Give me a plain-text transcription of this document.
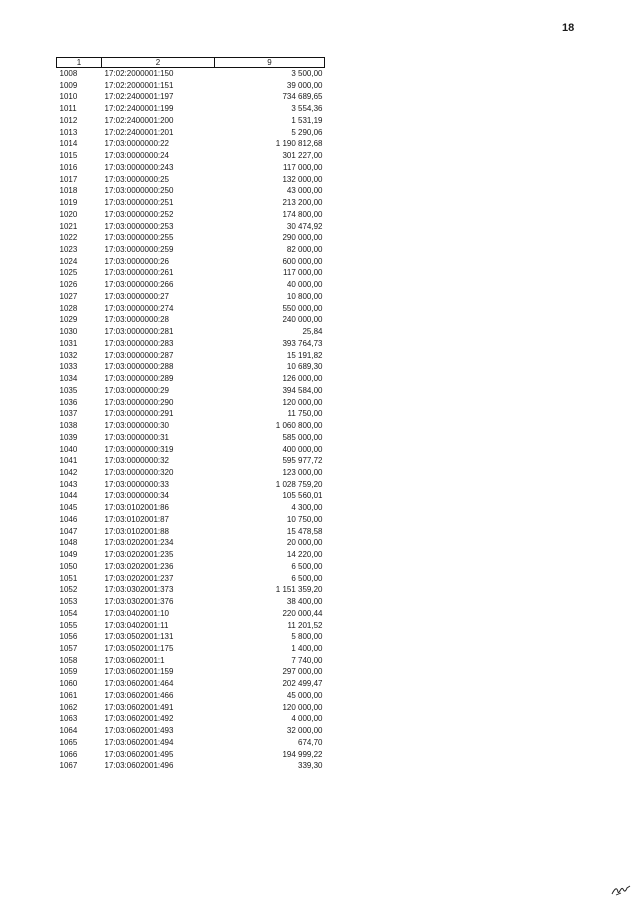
18
1	2	9
1008	17:02:2000001:150	3 500,00
1009	17:02:2000001:151	39 000,00
1010	17:02:2400001:197	734 689,65
1011	17:02:2400001:199	3 554,36
1012	17:02:2400001:200	1 531,19
1013	17:02:2400001:201	5 290,06
1014	17:03:0000000:22	1 190 812,68
1015	17:03:0000000:24	301 227,00
1016	17:03:0000000:243	117 000,00
1017	17:03:0000000:25	132 000,00
1018	17:03:0000000:250	43 000,00
1019	17:03:0000000:251	213 200,00
1020	17:03:0000000:252	174 800,00
1021	17:03:0000000:253	30 474,92
1022	17:03:0000000:255	290 000,00
1023	17:03:0000000:259	82 000,00
1024	17:03:0000000:26	600 000,00
1025	17:03:0000000:261	117 000,00
1026	17:03:0000000:266	40 000,00
1027	17:03:0000000:27	10 800,00
1028	17:03:0000000:274	550 000,00
1029	17:03:0000000:28	240 000,00
1030	17:03:0000000:281	25,84
1031	17:03:0000000:283	393 764,73
1032	17:03:0000000:287	15 191,82
1033	17:03:0000000:288	10 689,30
1034	17:03:0000000:289	126 000,00
1035	17:03:0000000:29	394 584,00
1036	17:03:0000000:290	120 000,00
1037	17:03:0000000:291	11 750,00
1038	17:03:0000000:30	1 060 800,00
1039	17:03:0000000:31	585 000,00
1040	17:03:0000000:319	400 000,00
1041	17:03:0000000:32	595 977,72
1042	17:03:0000000:320	123 000,00
1043	17:03:0000000:33	1 028 759,20
1044	17:03:0000000:34	105 560,01
1045	17:03:0102001:86	4 300,00
1046	17:03:0102001:87	10 750,00
1047	17:03:0102001:88	15 478,58
1048	17:03:0202001:234	20 000,00
1049	17:03:0202001:235	14 220,00
1050	17:03:0202001:236	6 500,00
1051	17:03:0202001:237	6 500,00
1052	17:03:0302001:373	1 151 359,20
1053	17:03:0302001:376	38 400,00
1054	17:03:0402001:10	220 000,44
1055	17:03:0402001:11	11 201,52
1056	17:03:0502001:131	5 800,00
1057	17:03:0502001:175	1 400,00
1058	17:03:0602001:1	7 740,00
1059	17:03:0602001:159	297 000,00
1060	17:03:0602001:464	202 499,47
1061	17:03:0602001:466	45 000,00
1062	17:03:0602001:491	120 000,00
1063	17:03:0602001:492	4 000,00
1064	17:03:0602001:493	32 000,00
1065	17:03:0602001:494	674,70
1066	17:03:0602001:495	194 999,22
1067	17:03:0602001:496	339,30
